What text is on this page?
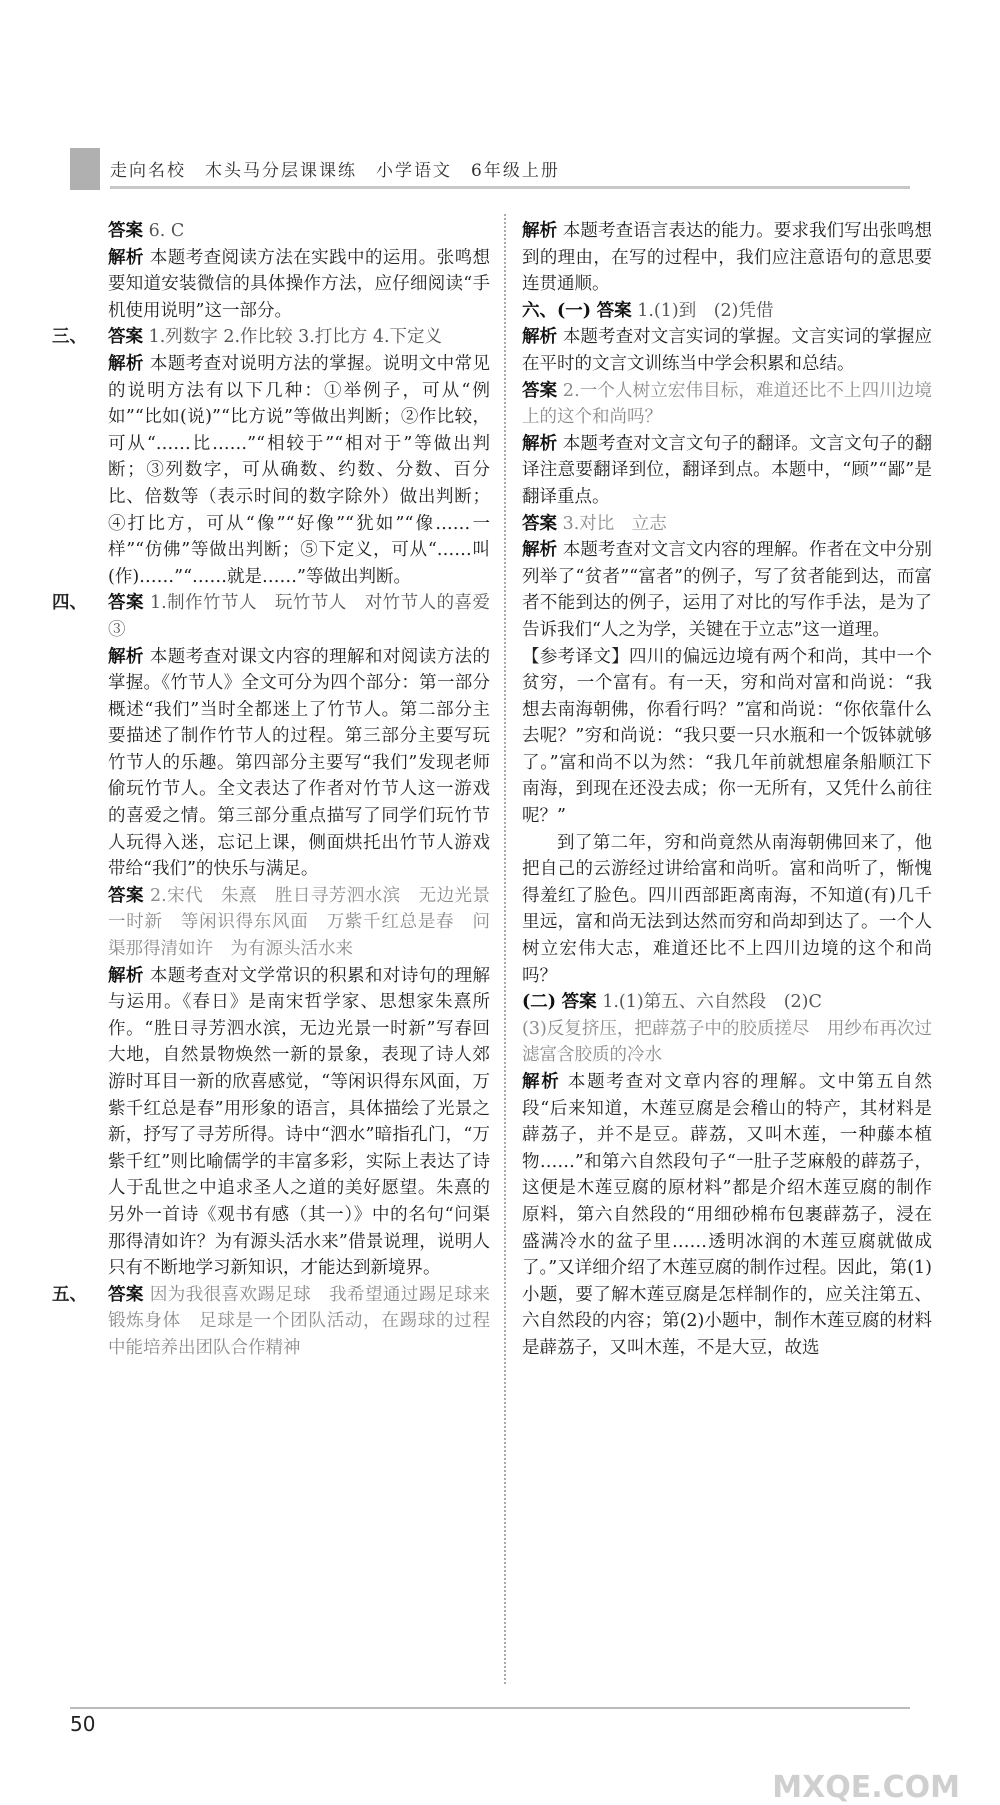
走向名校　木头马分层课课练　小学语文　6年级上册

答案 6. C

解析 本题考查阅读方法在实践中的运用。张鸣想要知道安装微信的具体操作方法，应仔细阅读“手机使用说明”这一部分。

三、 答案 1.列数字 2.作比较 3.打比方 4.下定义

解析 本题考查对说明方法的掌握。说明文中常见的说明方法有以下几种：①举例子，可从“例如”“比如(说)”“比方说”等做出判断；②作比较，可从“……比……”“相较于”“相对于”等做出判断；③列数字，可从确数、约数、分数、百分比、倍数等（表示时间的数字除外）做出判断；④打比方，可从“像”“好像”“犹如”“像……一样”“仿佛”等做出判断；⑤下定义，可从“……叫(作)……”“……就是……”等做出判断。

四、 答案 1.制作竹节人　玩竹节人　对竹节人的喜爱　③

解析 本题考查对课文内容的理解和对阅读方法的掌握。《竹节人》全文可分为四个部分：第一部分概述“我们”当时全都迷上了竹节人。第二部分主要描述了制作竹节人的过程。第三部分主要写玩竹节人的乐趣。第四部分主要写“我们”发现老师偷玩竹节人。全文表达了作者对竹节人这一游戏的喜爱之情。第三部分重点描写了同学们玩竹节人玩得入迷，忘记上课，侧面烘托出竹节人游戏带给“我们”的快乐与满足。

答案 2.宋代　朱熹　胜日寻芳泗水滨　无边光景一时新　等闲识得东风面　万紫千红总是春　问渠那得清如许　为有源头活水来

解析 本题考查对文学常识的积累和对诗句的理解与运用。《春日》是南宋哲学家、思想家朱熹所作。“胜日寻芳泗水滨，无边光景一时新”写春回大地，自然景物焕然一新的景象，表现了诗人郊游时耳目一新的欣喜感觉，“等闲识得东风面，万紫千红总是春”用形象的语言，具体描绘了光景之新，抒写了寻芳所得。诗中“泗水”暗指孔门，“万紫千红”则比喻儒学的丰富多彩，实际上表达了诗人于乱世之中追求圣人之道的美好愿望。朱熹的另外一首诗《观书有感（其一）》中的名句“问渠那得清如许？为有源头活水来”借景说理，说明人只有不断地学习新知识，才能达到新境界。

五、 答案 因为我很喜欢踢足球　我希望通过踢足球来锻炼身体　足球是一个团队活动，在踢球的过程中能培养出团队合作精神

解析 本题考查语言表达的能力。要求我们写出张鸣想到的理由，在写的过程中，我们应注意语句的意思要连贯通顺。

六、(一) 答案 1.(1)到　(2)凭借

解析 本题考查对文言实词的掌握。文言实词的掌握应在平时的文言文训练当中学会积累和总结。

答案 2.一个人树立宏伟目标，难道还比不上四川边境上的这个和尚吗？

解析 本题考查对文言文句子的翻译。文言文句子的翻译注意要翻译到位，翻译到点。本题中，“顾”“鄙”是翻译重点。

答案 3.对比　立志

解析 本题考查对文言文内容的理解。作者在文中分别列举了“贫者”“富者”的例子，写了贫者能到达，而富者不能到达的例子，运用了对比的写作手法，是为了告诉我们“人之为学，关键在于立志”这一道理。

【参考译文】四川的偏远边境有两个和尚，其中一个贫穷，一个富有。有一天，穷和尚对富和尚说：“我想去南海朝佛，你看行吗？”富和尚说：“你依靠什么去呢？”穷和尚说：“我只要一只水瓶和一个饭钵就够了。”富和尚不以为然：“我几年前就想雇条船顺江下南海，到现在还没去成；你一无所有，又凭什么前往呢？”

到了第二年，穷和尚竟然从南海朝佛回来了，他把自己的云游经过讲给富和尚听。富和尚听了，惭愧得羞红了脸色。四川西部距离南海，不知道(有)几千里远，富和尚无法到达然而穷和尚却到达了。一个人树立宏伟大志，难道还比不上四川边境的这个和尚吗？

(二) 答案 1.(1)第五、六自然段　(2)C

(3)反复挤压，把薜荔子中的胶质搓尽　用纱布再次过滤富含胶质的冷水

解析 本题考查对文章内容的理解。文中第五自然段“后来知道，木莲豆腐是会稽山的特产，其材料是薜荔子，并不是豆。薜荔，又叫木莲，一种藤本植物……”和第六自然段句子“一肚子芝麻般的薜荔子，这便是木莲豆腐的原材料”都是介绍木莲豆腐的制作原料，第六自然段的“用细砂棉布包裹薜荔子，浸在盛满冷水的盆子里……透明冰润的木莲豆腐就做成了。”又详细介绍了木莲豆腐的制作过程。因此，第(1)小题，要了解木莲豆腐是怎样制作的，应关注第五、六自然段的内容；第(2)小题中，制作木莲豆腐的材料是薜荔子，又叫木莲，不是大豆，故选

50
MXQE.COM
